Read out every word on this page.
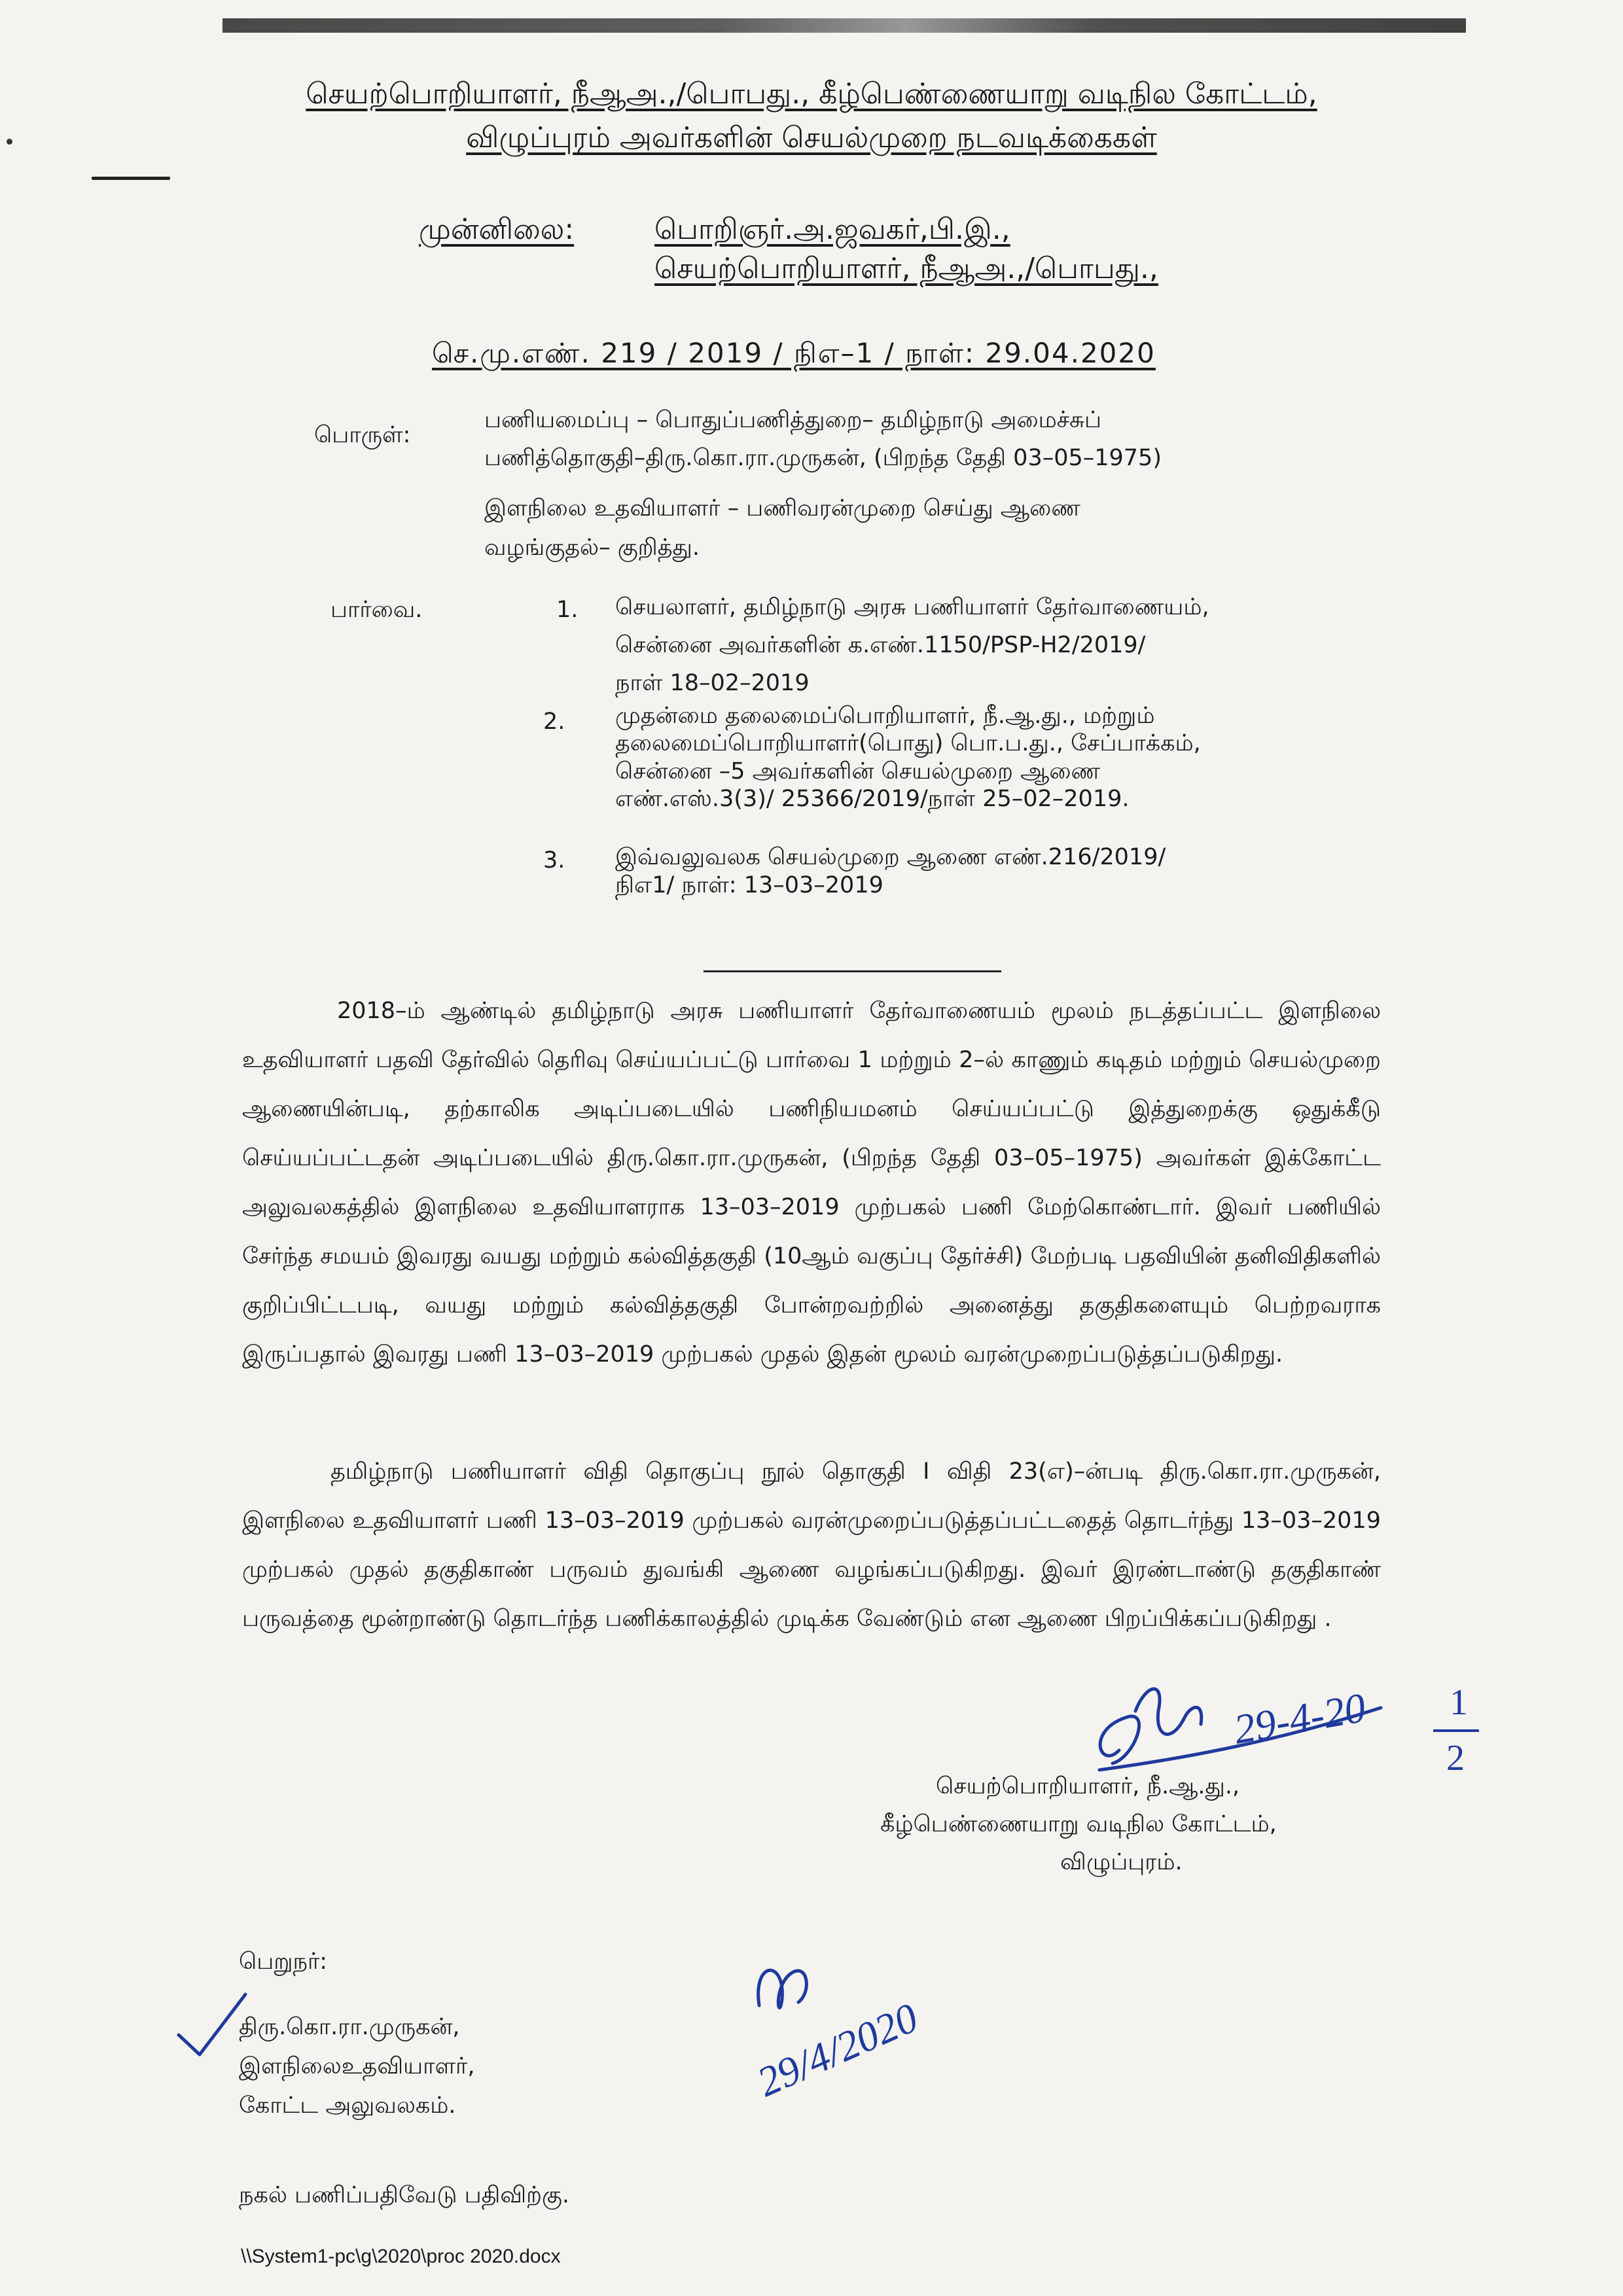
செயற்பொறியாளர், நீஆஅ.,/பொபது., கீழ்பெண்ணையாறு வடிநில கோட்டம்,
விழுப்புரம் அவர்களின் செயல்முறை நடவடிக்கைகள்
முன்னிலை:	பொறிஞர்.அ.ஜவகர்,பி.இ.,
செயற்பொறியாளர், நீஆஅ.,/பொபது.,
செ.மு.எண். 219 / 2019 / நிஎ–1 / நாள்: 29.04.2020
பொருள்:
பணியமைப்பு – பொதுப்பணித்துறை– தமிழ்நாடு அமைச்சுப்
பணித்தொகுதி–திரு.கொ.ரா.முருகன், (பிறந்த தேதி 03–05–1975)
இளநிலை உதவியாளர் – பணிவரன்முறை செய்து ஆணை
வழங்குதல்– குறித்து.
பார்வை.	1. செயலாளர், தமிழ்நாடு அரசு பணியாளர் தேர்வாணையம்,
சென்னை அவர்களின் க.எண்.1150/PSP-H2/2019/
நாள் 18–02–2019
2. முதன்மை தலைமைப்பொறியாளர், நீ.ஆ.து., மற்றும்
தலைமைப்பொறியாளர்(பொது) பொ.ப.து., சேப்பாக்கம்,
சென்னை –5 அவர்களின் செயல்முறை ஆணை
எண்.எஸ்.3(3)/ 25366/2019/நாள் 25–02–2019.
3. இவ்வலுவலக செயல்முறை ஆணை எண்.216/2019/
நிஎ1/ நாள்: 13–03–2019
2018–ம் ஆண்டில் தமிழ்நாடு அரசு பணியாளர் தேர்வாணையம் மூலம் நடத்தப்பட்ட இளநிலை உதவியாளர் பதவி தேர்வில் தெரிவு செய்யப்பட்டு பார்வை 1 மற்றும் 2–ல் காணும் கடிதம் மற்றும் செயல்முறை ஆணையின்படி, தற்காலிக அடிப்படையில் பணிநியமனம் செய்யப்பட்டு இத்துறைக்கு ஒதுக்கீடு செய்யப்பட்டதன் அடிப்படையில் திரு.கொ.ரா.முருகன், (பிறந்த தேதி 03–05–1975) அவர்கள் இக்கோட்ட அலுவலகத்தில் இளநிலை உதவியாளராக 13–03–2019 முற்பகல் பணி மேற்கொண்டார். இவர் பணியில் சேர்ந்த சமயம் இவரது வயது மற்றும் கல்வித்தகுதி (10ஆம் வகுப்பு தேர்ச்சி) மேற்படி பதவியின் தனிவிதிகளில் குறிப்பிட்டபடி, வயது மற்றும் கல்வித்தகுதி போன்றவற்றில் அனைத்து தகுதிகளையும் பெற்றவராக இருப்பதால் இவரது பணி 13–03–2019 முற்பகல் முதல் இதன் மூலம் வரன்முறைப்படுத்தப்படுகிறது.
தமிழ்நாடு பணியாளர் விதி தொகுப்பு நூல் தொகுதி I விதி 23(எ)–ன்படி திரு.கொ.ரா.முருகன், இளநிலை உதவியாளர் பணி 13–03–2019 முற்பகல் வரன்முறைப்படுத்தப்பட்டதைத் தொடர்ந்து 13–03–2019 முற்பகல் முதல் தகுதிகாண் பருவம் துவங்கி ஆணை வழங்கப்படுகிறது. இவர் இரண்டாண்டு தகுதிகாண் பருவத்தை மூன்றாண்டு தொடர்ந்த பணிக்காலத்தில் முடிக்க வேண்டும் என ஆணை பிறப்பிக்கப்படுகிறது .
29-4-20 1
2
செயற்பொறியாளர், நீ.ஆ.து.,
கீழ்பெண்ணையாறு வடிநில கோட்டம்,
விழுப்புரம்.
பெறுநர்:
திரு.கொ.ரா.முருகன்,
இளநிலைஉதவியாளர்,
கோட்ட அலுவலகம்.
29/4/2020
நகல் பணிப்பதிவேடு பதிவிற்கு.
\\System1-pc\g\2020\proc 2020.docx
